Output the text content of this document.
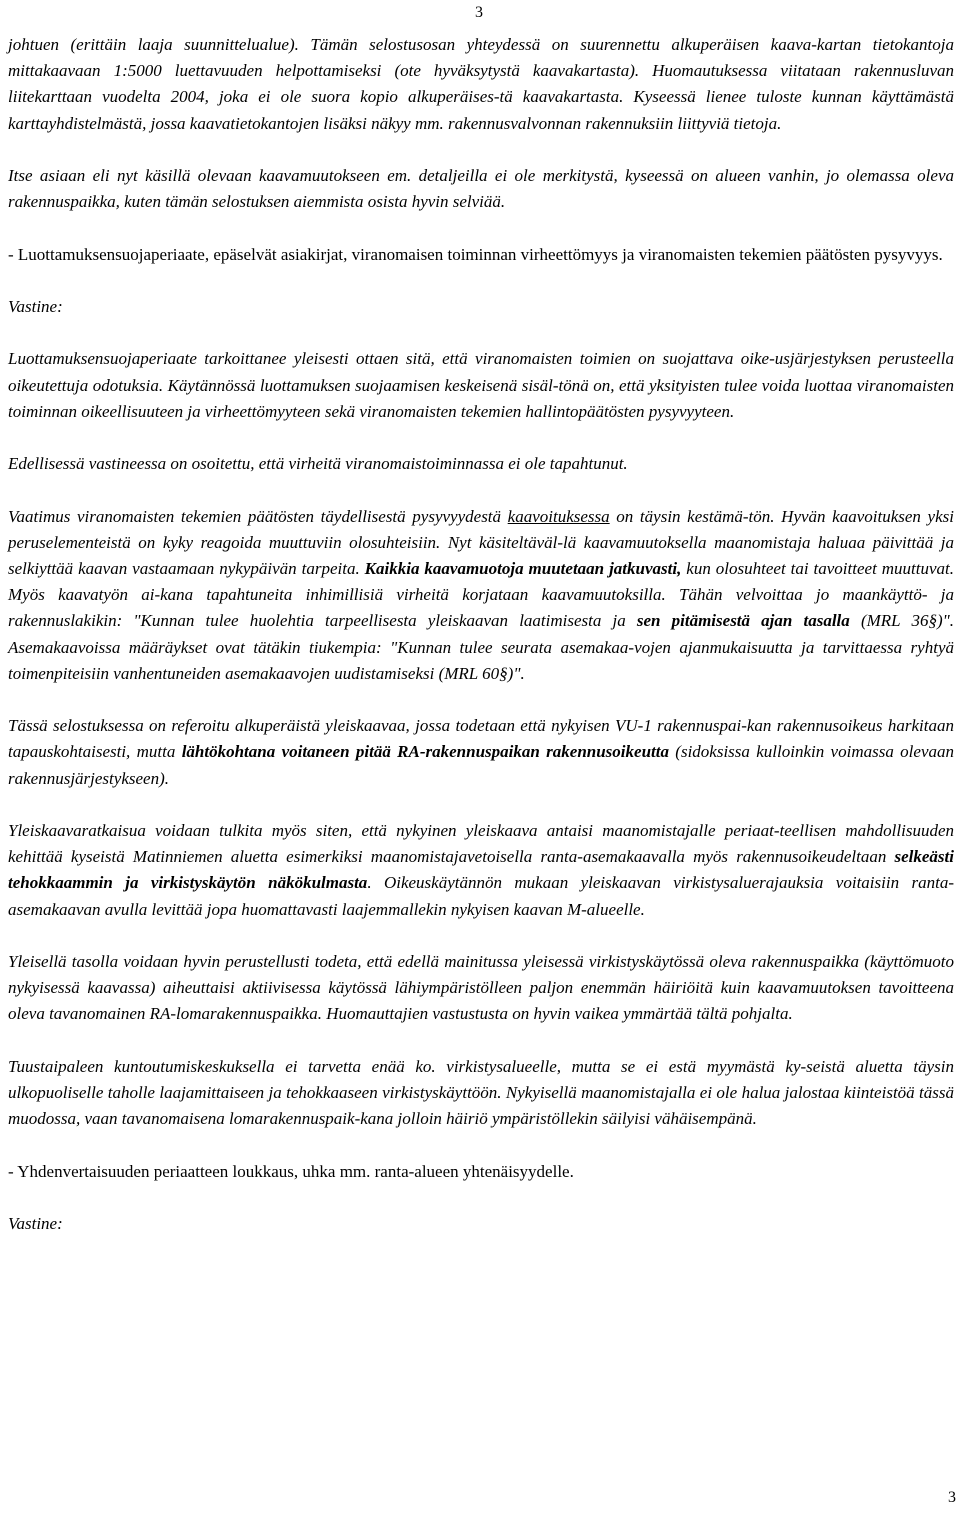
3

johtuen (erittäin laaja suunnittelualue). Tämän selostusosan yhteydessä on suurennettu alkuperäisen kaava-kartan tietokantoja mittakaavaan 1:5000 luettavuuden helpottamiseksi (ote hyväksytystä kaavakartasta). Huomautuksessa viitataan rakennusluvan liitekarttaan vuodelta 2004, joka ei ole suora kopio alkuperäises-tä kaavakartasta. Kyseessä lienee tuloste kunnan käyttämästä karttayhdistelmästä, jossa kaavatietokantojen lisäksi näkyy mm. rakennusvalvonnan rakennuksiin liittyviä tietoja.

Itse asiaan eli nyt käsillä olevaan kaavamuutokseen em. detaljeilla ei ole merkitystä, kyseessä on alueen vanhin, jo olemassa oleva rakennuspaikka, kuten tämän selostuksen aiemmista osista hyvin selviää.

- Luottamuksensuojaperiaate, epäselvät asiakirjat, viranomaisen toiminnan virheettömyys ja viranomaisten tekemien päätösten pysyvyys.

Vastine:

Luottamuksensuojaperiaate tarkoittanee yleisesti ottaen sitä, että viranomaisten toimien on suojattava oike-usjärjestyksen perusteella oikeutettuja odotuksia. Käytännössä luottamuksen suojaamisen keskeisenä sisäl-tönä on, että yksityisten tulee voida luottaa viranomaisten toiminnan oikeellisuuteen ja virheettömyyteen sekä viranomaisten tekemien hallintopäätösten pysyvyyteen.

Edellisessä vastineessa on osoitettu, että virheitä viranomaistoiminnassa ei ole tapahtunut.

Vaatimus viranomaisten tekemien päätösten täydellisestä pysyvyydestä kaavoituksessa on täysin kestämä-tön. Hyvän kaavoituksen yksi peruselementeistä on kyky reagoida muuttuviin olosuhteisiin. Nyt käsiteltäväl-lä kaavamuutoksella maanomistaja haluaa päivittää ja selkiyttää kaavan vastaamaan nykypäivän tarpeita. Kaikkia kaavamuotoja muutetaan jatkuvasti, kun olosuhteet tai tavoitteet muuttuvat. Myös kaavatyön ai-kana tapahtuneita inhimillisiä virheitä korjataan kaavamuutoksilla. Tähän velvoittaa jo maankäyttö- ja rakennuslakikin: "Kunnan tulee huolehtia tarpeellisesta yleiskaavan laatimisesta ja sen pitämisestä ajan tasalla (MRL 36§)". Asemakaavoissa määräykset ovat tätäkin tiukempia: "Kunnan tulee seurata asemakaa-vojen ajanmukaisuutta ja tarvittaessa ryhtyä toimenpiteisiin vanhentuneiden asemakaavojen uudistamiseksi (MRL 60§)".

Tässä selostuksessa on referoitu alkuperäistä yleiskaavaa, jossa todetaan että nykyisen VU-1 rakennuspai-kan rakennusoikeus harkitaan tapauskohtaisesti, mutta lähtökohtana voitaneen pitää RA-rakennuspaikan rakennusoikeutta (sidoksissa kulloinkin voimassa olevaan rakennusjärjestykseen).

Yleiskaavaratkaisua voidaan tulkita myös siten, että nykyinen yleiskaava antaisi maanomistajalle periaat-teellisen mahdollisuuden kehittää kyseistä Matinniemen aluetta esimerkiksi maanomistajavetoisella ranta-asemakaavalla myös rakennusoikeudeltaan selkeästi tehokkaammin ja virkistyskäytön näkökulmasta. Oikeuskäytännön mukaan yleiskaavan virkistysaluerajauksia voitaisiin ranta-asemakaavan avulla levittää jopa huomattavasti laajemmallekin nykyisen kaavan M-alueelle.

Yleisellä tasolla voidaan hyvin perustellusti todeta, että edellä mainitussa yleisessä virkistyskäytössä oleva rakennuspaikka (käyttömuoto nykyisessä kaavassa) aiheuttaisi aktiivisessa käytössä lähiympäristölleen paljon enemmän häiriöitä kuin kaavamuutoksen tavoitteena oleva tavanomainen RA-lomarakennuspaikka. Huomauttajien vastustusta on hyvin vaikea ymmärtää tältä pohjalta.

Tuustaipaleen kuntoutumiskeskuksella ei tarvetta enää ko. virkistysalueelle, mutta se ei estä myymästä ky-seistä aluetta täysin ulkopuoliselle taholle laajamittaiseen ja tehokkaaseen virkistyskäyttöön. Nykyisellä maanomistajalla ei ole halua jalostaa kiinteistöä tässä muodossa, vaan tavanomaisena lomarakennuspaik-kana jolloin häiriö ympäristöllekin säilyisi vähäisempänä.

- Yhdenvertaisuuden periaatteen loukkaus, uhka mm. ranta-alueen yhtenäisyydelle.

Vastine:

3
